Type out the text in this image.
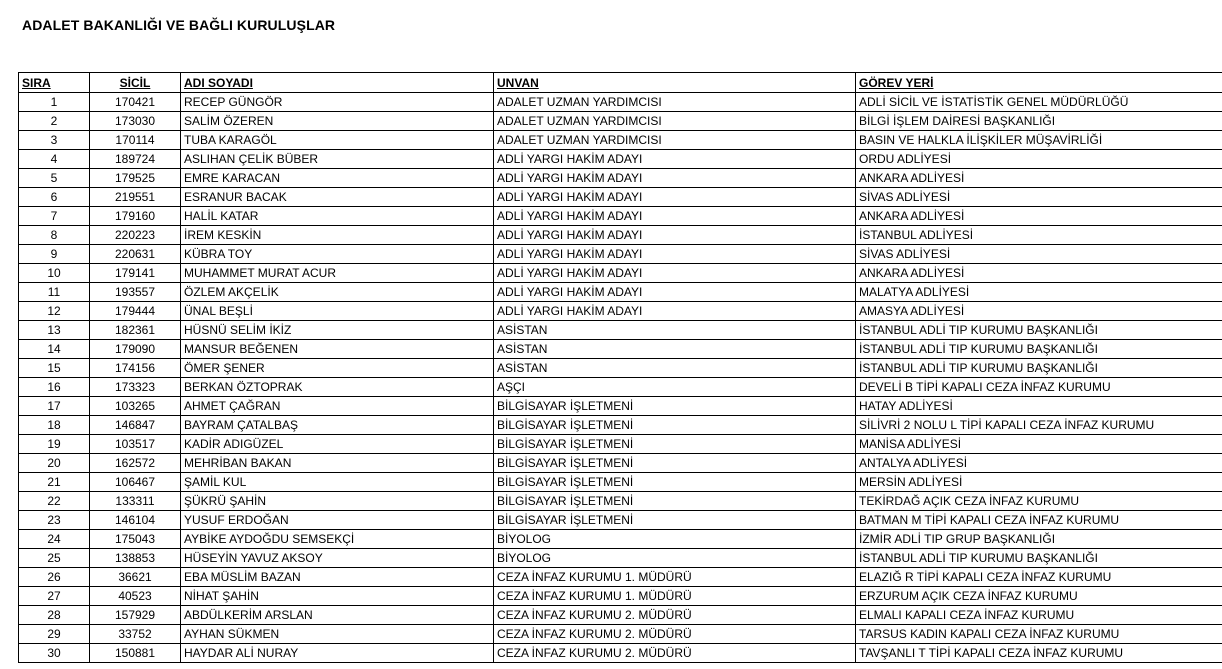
ADALET BAKANLIĞI VE BAĞLI KURULUŞLAR
SIRA	SİCİL	ADI SOYADI	UNVAN	GÖREV YERİ
1	170421	RECEP GÜNGÖR	ADALET UZMAN YARDIMCISI	ADLİ SİCİL VE İSTATİSTİK GENEL MÜDÜRLÜĞÜ
2	173030	SALİM ÖZEREN	ADALET UZMAN YARDIMCISI	BİLGİ İŞLEM DAİRESİ BAŞKANLIĞI
3	170114	TUBA KARAGÖL	ADALET UZMAN YARDIMCISI	BASIN VE HALKLA İLİŞKİLER MÜŞAVİRLİĞİ
4	189724	ASLIHAN ÇELİK BÜBER	ADLİ YARGI HAKİM ADAYI	ORDU ADLİYESİ
5	179525	EMRE KARACAN	ADLİ YARGI HAKİM ADAYI	ANKARA ADLİYESİ
6	219551	ESRANUR BACAK	ADLİ YARGI HAKİM ADAYI	SİVAS ADLİYESİ
7	179160	HALİL KATAR	ADLİ YARGI HAKİM ADAYI	ANKARA ADLİYESİ
8	220223	İREM KESKİN	ADLİ YARGI HAKİM ADAYI	İSTANBUL ADLİYESİ
9	220631	KÜBRA TOY	ADLİ YARGI HAKİM ADAYI	SİVAS ADLİYESİ
10	179141	MUHAMMET MURAT ACUR	ADLİ YARGI HAKİM ADAYI	ANKARA ADLİYESİ
11	193557	ÖZLEM AKÇELİK	ADLİ YARGI HAKİM ADAYI	MALATYA ADLİYESİ
12	179444	ÜNAL BEŞLİ	ADLİ YARGI HAKİM ADAYI	AMASYA ADLİYESİ
13	182361	HÜSNÜ SELİM İKİZ	ASİSTAN	İSTANBUL ADLİ TIP KURUMU BAŞKANLIĞI
14	179090	MANSUR BEĞENEN	ASİSTAN	İSTANBUL ADLİ TIP KURUMU BAŞKANLIĞI
15	174156	ÖMER ŞENER	ASİSTAN	İSTANBUL ADLİ TIP KURUMU BAŞKANLIĞI
16	173323	BERKAN ÖZTOPRAK	AŞÇI	DEVELİ B TİPİ KAPALI CEZA İNFAZ KURUMU
17	103265	AHMET ÇAĞRAN	BİLGİSAYAR İŞLETMENİ	HATAY ADLİYESİ
18	146847	BAYRAM ÇATALBAŞ	BİLGİSAYAR İŞLETMENİ	SİLİVRİ 2 NOLU L TİPİ KAPALI CEZA İNFAZ KURUMU
19	103517	KADİR ADIGÜZEL	BİLGİSAYAR İŞLETMENİ	MANİSA ADLİYESİ
20	162572	MEHRİBAN BAKAN	BİLGİSAYAR İŞLETMENİ	ANTALYA ADLİYESİ
21	106467	ŞAMİL KUL	BİLGİSAYAR İŞLETMENİ	MERSİN ADLİYESİ
22	133311	ŞÜKRÜ ŞAHİN	BİLGİSAYAR İŞLETMENİ	TEKİRDAĞ AÇIK CEZA İNFAZ KURUMU
23	146104	YUSUF ERDOĞAN	BİLGİSAYAR İŞLETMENİ	BATMAN M TİPİ KAPALI CEZA İNFAZ KURUMU
24	175043	AYBİKE AYDOĞDU SEMSEKÇİ	BİYOLOG	İZMİR ADLİ TIP GRUP BAŞKANLIĞI
25	138853	HÜSEYİN YAVUZ AKSOY	BİYOLOG	İSTANBUL ADLİ TIP KURUMU BAŞKANLIĞI
26	36621	EBA MÜSLİM BAZAN	CEZA İNFAZ KURUMU 1. MÜDÜRÜ	ELAZIĞ R TİPİ KAPALI CEZA İNFAZ KURUMU
27	40523	NİHAT ŞAHİN	CEZA İNFAZ KURUMU 1. MÜDÜRÜ	ERZURUM AÇIK CEZA İNFAZ KURUMU
28	157929	ABDÜLKERİM ARSLAN	CEZA İNFAZ KURUMU 2. MÜDÜRÜ	ELMALI KAPALI CEZA İNFAZ KURUMU
29	33752	AYHAN SÜKMEN	CEZA İNFAZ KURUMU 2. MÜDÜRÜ	TARSUS KADIN KAPALI CEZA İNFAZ KURUMU
30	150881	HAYDAR ALİ NURAY	CEZA İNFAZ KURUMU 2. MÜDÜRÜ	TAVŞANLI T TİPİ KAPALI CEZA İNFAZ KURUMU
